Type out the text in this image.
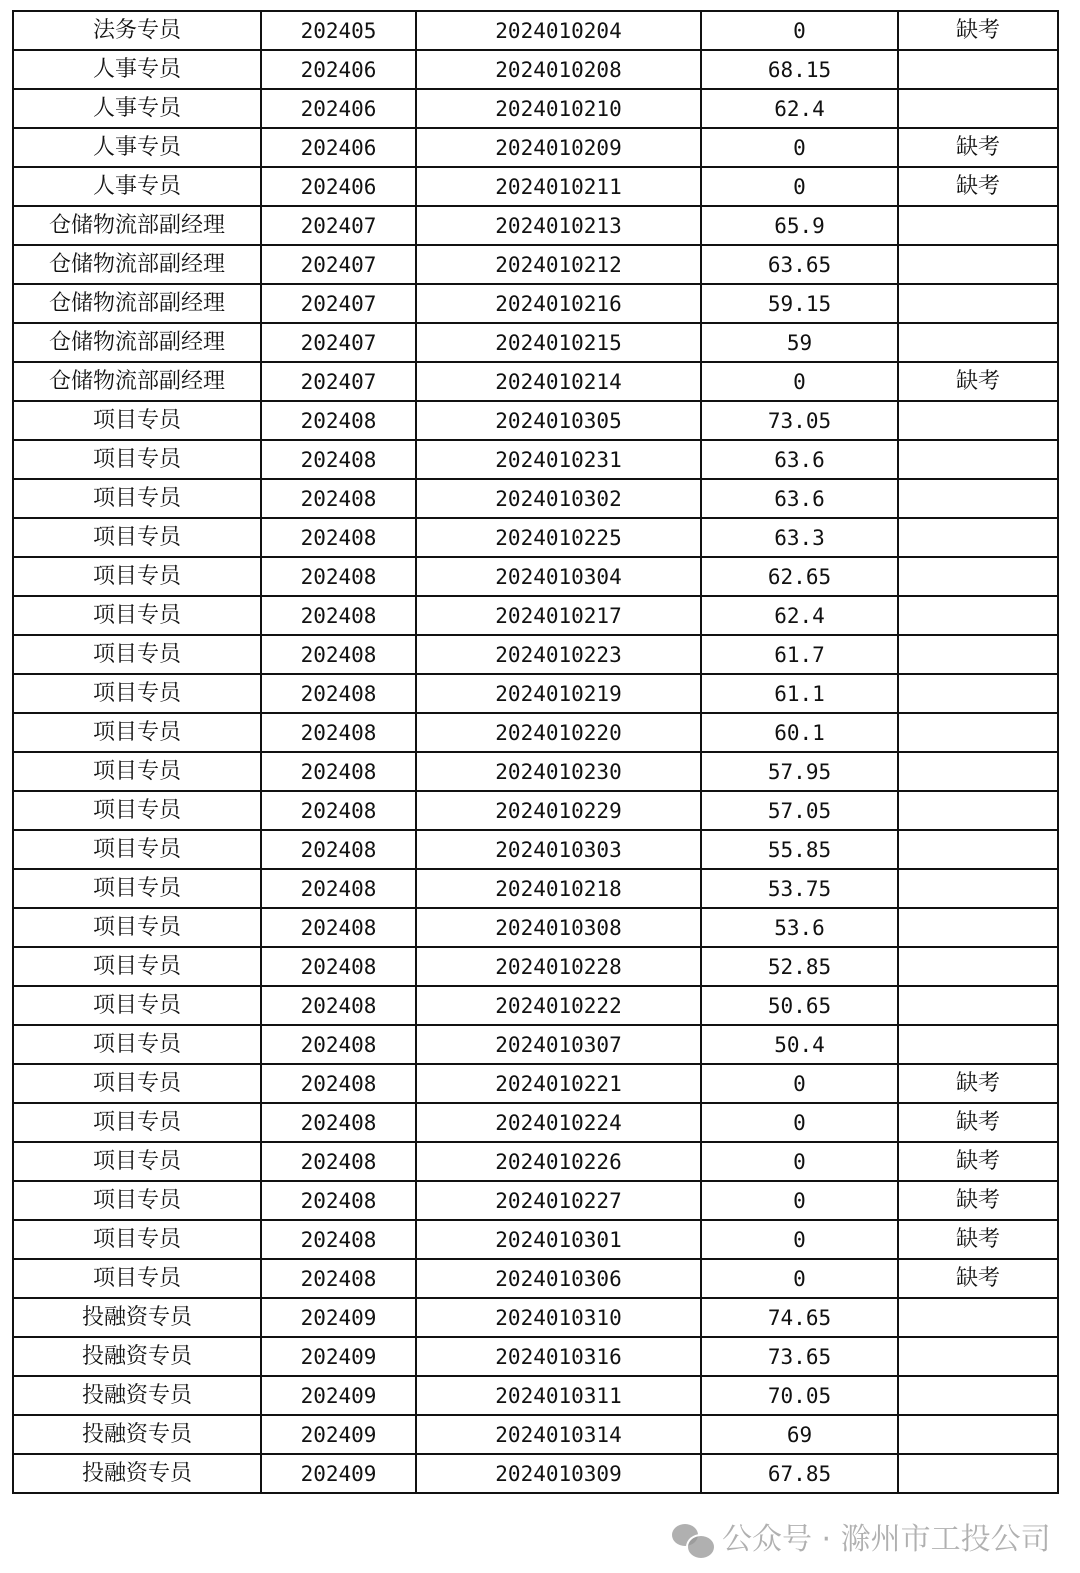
法务专员	202405	2024010204	0	缺考
人事专员	202406	2024010208	68.15	
人事专员	202406	2024010210	62.4	
人事专员	202406	2024010209	0	缺考
人事专员	202406	2024010211	0	缺考
仓储物流部副经理	202407	2024010213	65.9	
仓储物流部副经理	202407	2024010212	63.65	
仓储物流部副经理	202407	2024010216	59.15	
仓储物流部副经理	202407	2024010215	59	
仓储物流部副经理	202407	2024010214	0	缺考
项目专员	202408	2024010305	73.05	
项目专员	202408	2024010231	63.6	
项目专员	202408	2024010302	63.6	
项目专员	202408	2024010225	63.3	
项目专员	202408	2024010304	62.65	
项目专员	202408	2024010217	62.4	
项目专员	202408	2024010223	61.7	
项目专员	202408	2024010219	61.1	
项目专员	202408	2024010220	60.1	
项目专员	202408	2024010230	57.95	
项目专员	202408	2024010229	57.05	
项目专员	202408	2024010303	55.85	
项目专员	202408	2024010218	53.75	
项目专员	202408	2024010308	53.6	
项目专员	202408	2024010228	52.85	
项目专员	202408	2024010222	50.65	
项目专员	202408	2024010307	50.4	
项目专员	202408	2024010221	0	缺考
项目专员	202408	2024010224	0	缺考
项目专员	202408	2024010226	0	缺考
项目专员	202408	2024010227	0	缺考
项目专员	202408	2024010301	0	缺考
项目专员	202408	2024010306	0	缺考
投融资专员	202409	2024010310	74.65	
投融资专员	202409	2024010316	73.65	
投融资专员	202409	2024010311	70.05	
投融资专员	202409	2024010314	69	
投融资专员	202409	2024010309	67.85	
公众号 · 滁州市工投公司
